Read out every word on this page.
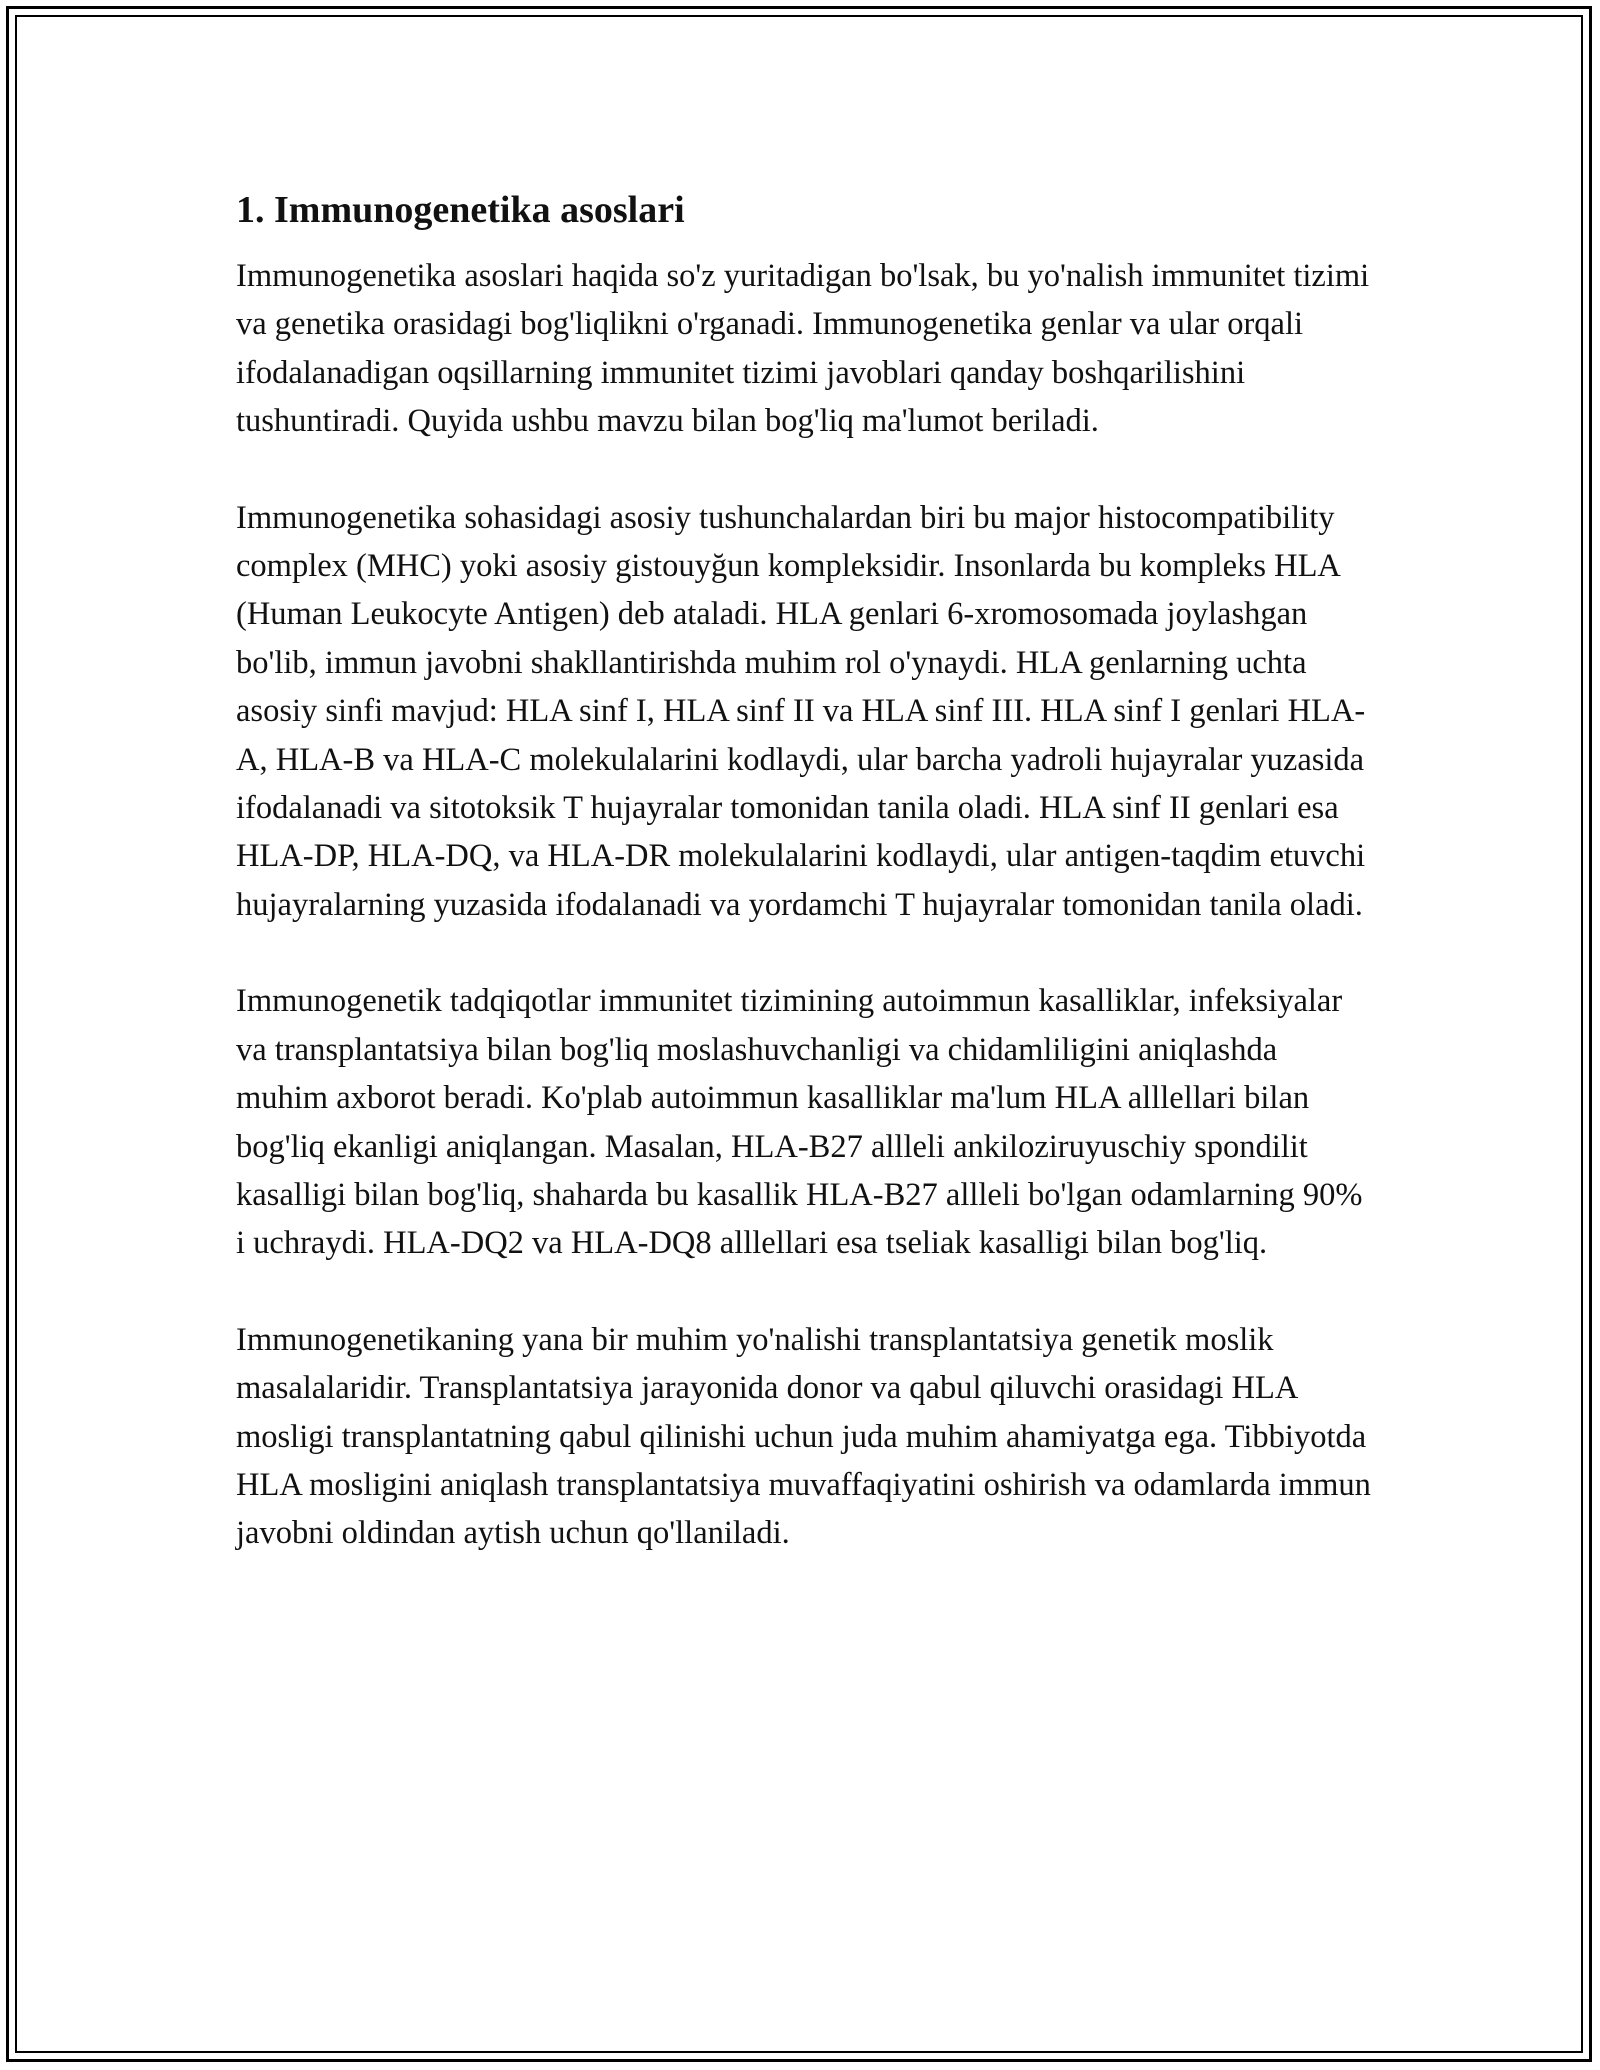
1. Immunogenetika asoslari

Immunogenetika asoslari haqida so'z yuritadigan bo'lsak, bu yo'nalish immunitet tizimi va genetika orasidagi bog'liqlikni o'rganadi. Immunogenetika genlar va ular orqali ifodalanadigan oqsillarning immunitet tizimi javoblari qanday boshqarilishini tushuntiradi. Quyida ushbu mavzu bilan bog'liq ma'lumot beriladi.

Immunogenetika sohasidagi asosiy tushunchalardan biri bu major histocompatibility complex (MHC) yoki asosiy gistouyğun kompleksidir. Insonlarda bu kompleks HLA (Human Leukocyte Antigen) deb ataladi. HLA genlari 6-xromosomada joylashgan bo'lib, immun javobni shakllantirishda muhim rol o'ynaydi. HLA genlarning uchta asosiy sinfi mavjud: HLA sinf I, HLA sinf II va HLA sinf III. HLA sinf I genlari HLA-A, HLA-B va HLA-C molekulalarini kodlaydi, ular barcha yadroli hujayralar yuzasida ifodalanadi va sitotoksik T hujayralar tomonidan tanila oladi. HLA sinf II genlari esa HLA-DP, HLA-DQ, va HLA-DR molekulalarini kodlaydi, ular antigen-taqdim etuvchi hujayralarning yuzasida ifodalanadi va yordamchi T hujayralar tomonidan tanila oladi.

Immunogenetik tadqiqotlar immunitet tizimining autoimmun kasalliklar, infeksiyalar va transplantatsiya bilan bog'liq moslashuvchanligi va chidamliligini aniqlashda muhim axborot beradi. Ko'plab autoimmun kasalliklar ma'lum HLA alllellari bilan bog'liq ekanligi aniqlangan. Masalan, HLA-B27 allleli ankiloziruyuschiy spondilit kasalligi bilan bog'liq, shaharda bu kasallik HLA-B27 allleli bo'lgan odamlarning 90% i uchraydi. HLA-DQ2 va HLA-DQ8 alllellari esa tseliak kasalligi bilan bog'liq.

Immunogenetikaning yana bir muhim yo'nalishi transplantatsiya genetik moslik masalalaridir. Transplantatsiya jarayonida donor va qabul qiluvchi orasidagi HLA mosligi transplantatning qabul qilinishi uchun juda muhim ahamiyatga ega. Tibbiyotda HLA mosligini aniqlash transplantatsiya muvaffaqiyatini oshirish va odamlarda immun javobni oldindan aytish uchun qo'llaniladi.
